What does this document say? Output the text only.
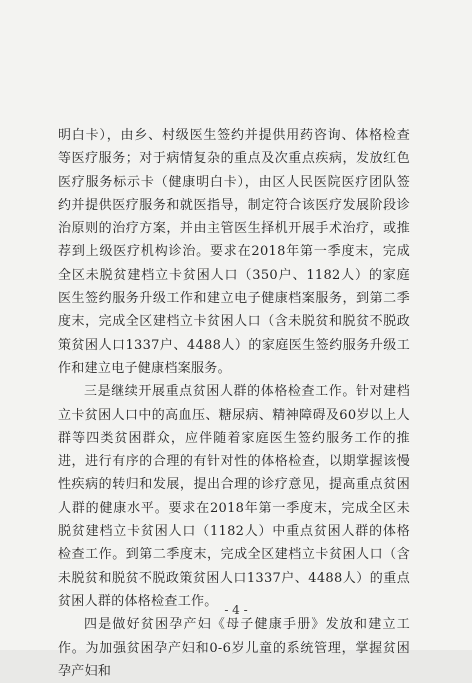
明白卡），由乡、村级医生签约并提供用药咨询、体格检查等医疗服务；对于病情复杂的重点及次重点疾病，发放红色医疗服务标示卡（健康明白卡），由区人民医院医疗团队签约并提供医疗服务和就医指导，制定符合该医疗发展阶段诊治原则的治疗方案，并由主管医生择机开展手术治疗，或推荐到上级医疗机构诊治。要求在2018年第一季度末，完成全区未脱贫建档立卡贫困人口（350户、1182人）的家庭医生签约服务升级工作和建立电子健康档案服务，到第二季度末，完成全区建档立卡贫困人口（含未脱贫和脱贫不脱政策贫困人口1337户、4488人）的家庭医生签约服务升级工作和建立电子健康档案服务。

三是继续开展重点贫困人群的体格检查工作。针对建档立卡贫困人口中的高血压、糖尿病、精神障碍及60岁以上人群等四类贫困群众，应伴随着家庭医生签约服务工作的推进，进行有序的合理的有针对性的体格检查，以期掌握该慢性疾病的转归和发展，提出合理的诊疗意见，提高重点贫困人群的健康水平。要求在2018年第一季度末，完成全区未脱贫建档立卡贫困人口（1182人）中重点贫困人群的体格检查工作。到第二季度末，完成全区建档立卡贫困人口（含未脱贫和脱贫不脱政策贫困人口1337户、4488人）的重点贫困人群的体格检查工作。

四是做好贫困孕产妇《母子健康手册》发放和建立工作。为加强贫困孕产妇和0-6岁儿童的系统管理，掌握贫困孕产妇和

- 4 -
